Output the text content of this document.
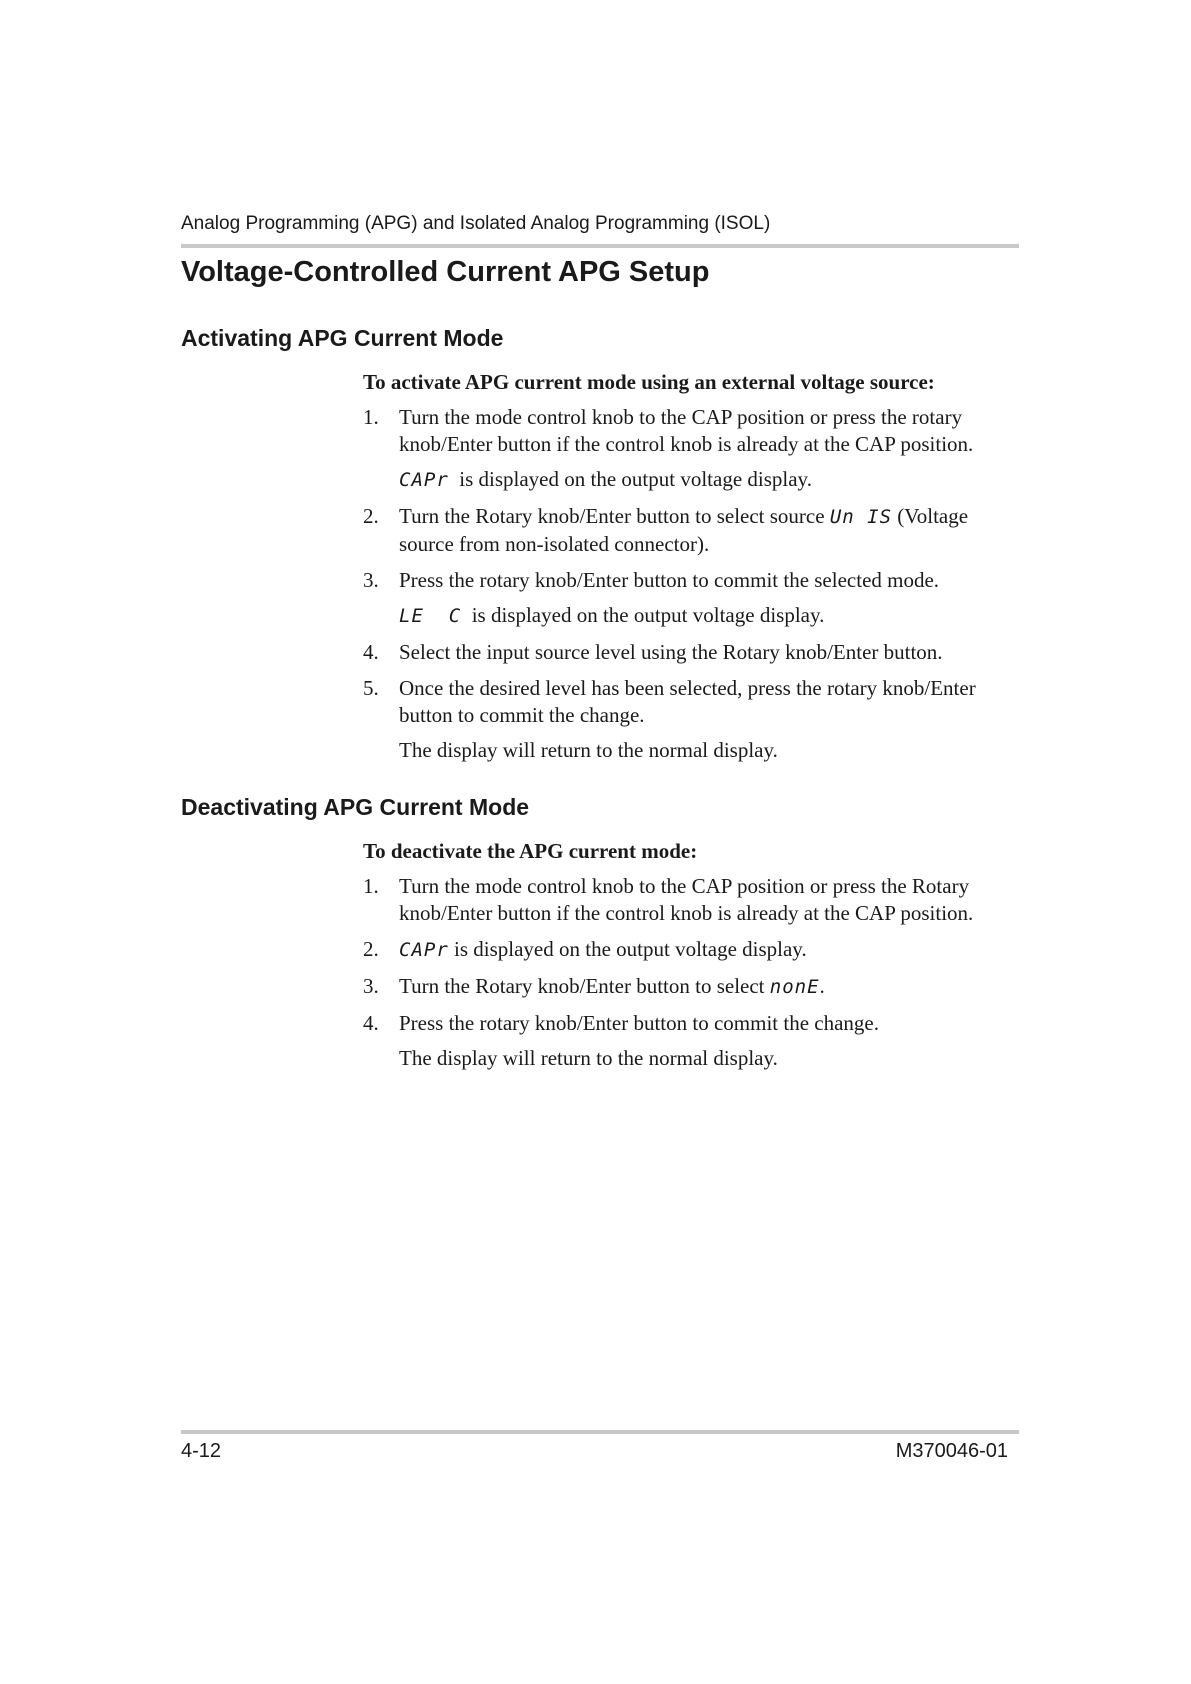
Analog Programming (APG) and Isolated Analog Programming (ISOL)
Voltage-Controlled Current APG Setup
Activating APG Current Mode

To activate APG current mode using an external voltage source:

1. Turn the mode control knob to the CAP position or press the rotary knob/Enter button if the control knob is already at the CAP position.

CAPr is displayed on the output voltage display.

2. Turn the Rotary knob/Enter button to select source Un IS (Voltage source from non-isolated connector).
3. Press the rotary knob/Enter button to commit the selected mode.

LE  C is displayed on the output voltage display.

4. Select the input source level using the Rotary knob/Enter button.
5. Once the desired level has been selected, press the rotary knob/Enter button to commit the change.

The display will return to the normal display.

Deactivating APG Current Mode

To deactivate the APG current mode:

1. Turn the mode control knob to the CAP position or press the Rotary knob/Enter button if the control knob is already at the CAP position.
2.	CAPr is displayed on the output voltage display.
3. Turn the Rotary knob/Enter button to select nonE.
4. Press the rotary knob/Enter button to commit the change.

The display will return to the normal display.

4-12	M370046-01
